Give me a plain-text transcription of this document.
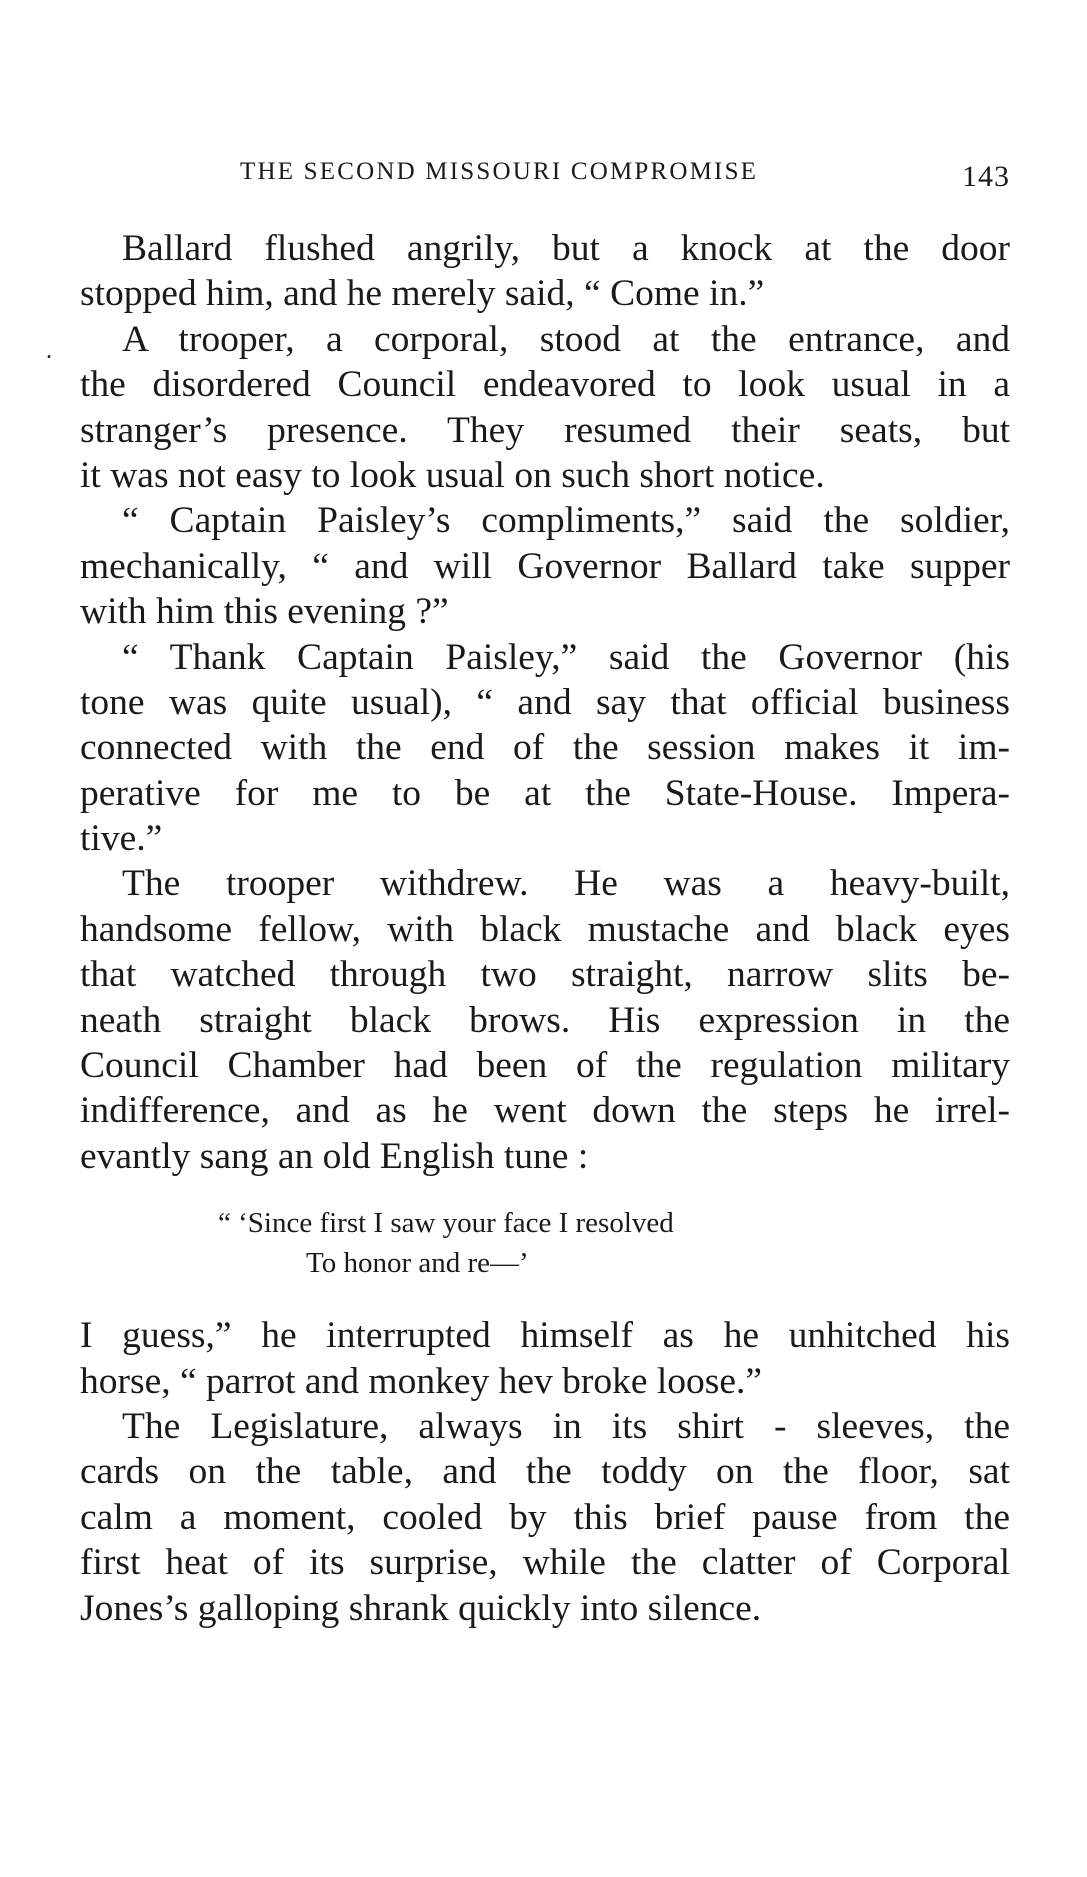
THE SECOND MISSOURI COMPROMISE	143
.
Ballard flushed angrily, but a knock at the door
stopped him, and he merely said, “ Come in.”
A trooper, a corporal, stood at the entrance, and
the disordered Council endeavored to look usual in a
stranger’s presence. They resumed their seats, but
it was not easy to look usual on such short notice.
“ Captain Paisley’s compliments,” said the soldier,
mechanically, “ and will Governor Ballard take supper
with him this evening ?”
“ Thank Captain Paisley,” said the Governor (his
tone was quite usual), “ and say that official business
connected with the end of the session makes it im-
perative for me to be at the State-House. Impera-
tive.”
The trooper withdrew. He was a heavy-built,
handsome fellow, with black mustache and black eyes
that watched through two straight, narrow slits be-
neath straight black brows. His expression in the
Council Chamber had been of the regulation military
indifference, and as he went down the steps he irrel-
evantly sang an old English tune :
“ ‘Since first I saw your face I resolved
To honor and re—’
I guess,” he interrupted himself as he unhitched his
horse, “ parrot and monkey hev broke loose.”
The Legislature, always in its shirt - sleeves, the
cards on the table, and the toddy on the floor, sat
calm a moment, cooled by this brief pause from the
first heat of its surprise, while the clatter of Corporal
Jones’s galloping shrank quickly into silence.
